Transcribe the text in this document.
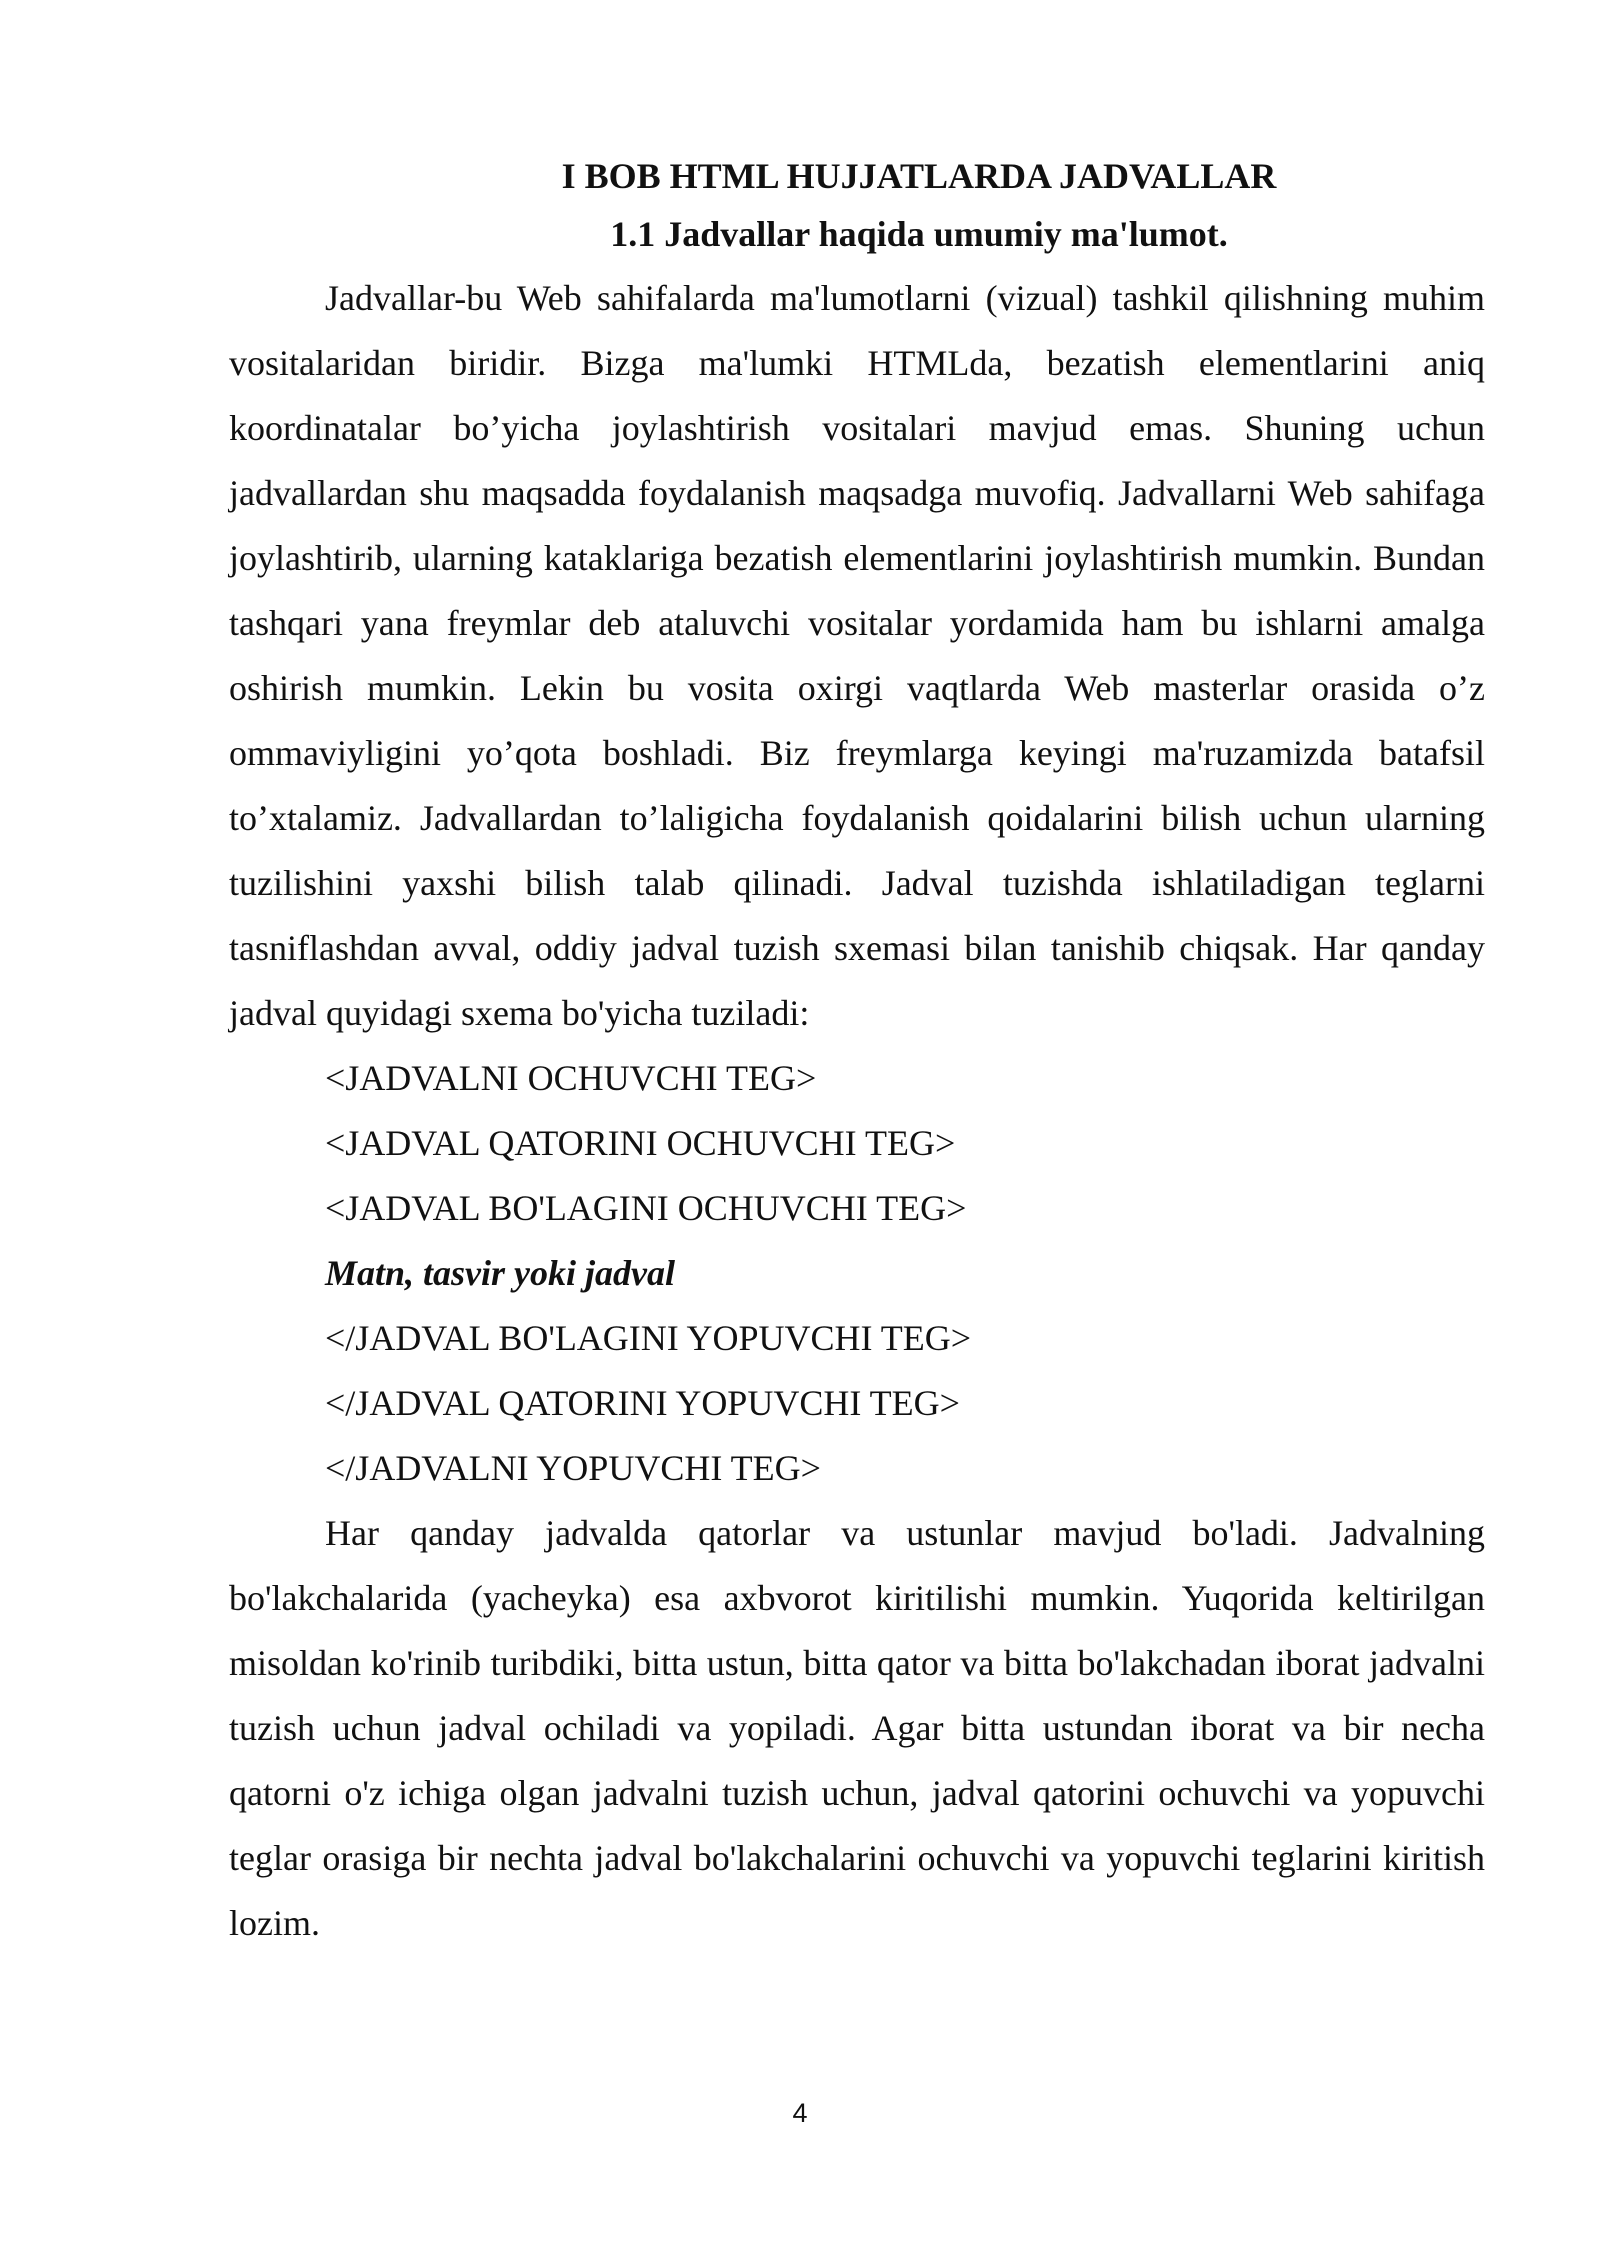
I BOB HTML HUJJATLARDA JADVALLAR
1.1 Jadvallar haqida umumiy ma'lumot.

Jadvallar-bu Web sahifalarda ma'lumotlarni (vizual) tashkil qilishning muhim vositalaridan biridir. Bizga ma'lumki HTMLda, bezatish elementlarini aniq koordinatalar bo’yicha joylashtirish vositalari mavjud emas. Shuning uchun jadvallardan shu maqsadda foydalanish maqsadga muvofiq. Jadvallarni Web sahifaga joylashtirib, ularning kataklariga bezatish elementlarini joylashtirish mumkin. Bundan tashqari yana freymlar deb ataluvchi vositalar yordamida ham bu ishlarni amalga oshirish mumkin. Lekin bu vosita oxirgi vaqtlarda Web masterlar orasida o’z ommaviyligini yo’qota boshladi. Biz freymlarga keyingi ma'ruzamizda batafsil to’xtalamiz. Jadvallardan to’laligicha foydalanish qoidalarini bilish uchun ularning tuzilishini yaxshi bilish talab qilinadi. Jadval tuzishda ishlatiladigan teglarni tasniflashdan avval, oddiy jadval tuzish sxemasi bilan tanishib chiqsak. Har qanday jadval quyidagi sxema bo'yicha tuziladi:

<JADVALNI OCHUVCHI TEG>

<JADVAL QATORINI OCHUVCHI TEG>

<JADVAL BO'LAGINI OCHUVCHI TEG>

Matn, tasvir yoki jadval

</JADVAL BO'LAGINI YOPUVCHI TEG>

</JADVAL QATORINI YOPUVCHI TEG>

</JADVALNI YOPUVCHI TEG>

Har qanday jadvalda qatorlar va ustunlar mavjud bo'ladi. Jadvalning bo'lakchalarida (yacheyka) esa axbvorot kiritilishi mumkin. Yuqorida keltirilgan misoldan ko'rinib turibdiki, bitta ustun, bitta qator va bitta bo'lakchadan iborat jadvalni tuzish uchun jadval ochiladi va yopiladi. Agar bitta ustundan iborat va bir necha qatorni o'z ichiga olgan jadvalni tuzish uchun, jadval qatorini ochuvchi va yopuvchi teglar orasiga bir nechta jadval bo'lakchalarini ochuvchi va yopuvchi teglarini kiritish lozim.

4
